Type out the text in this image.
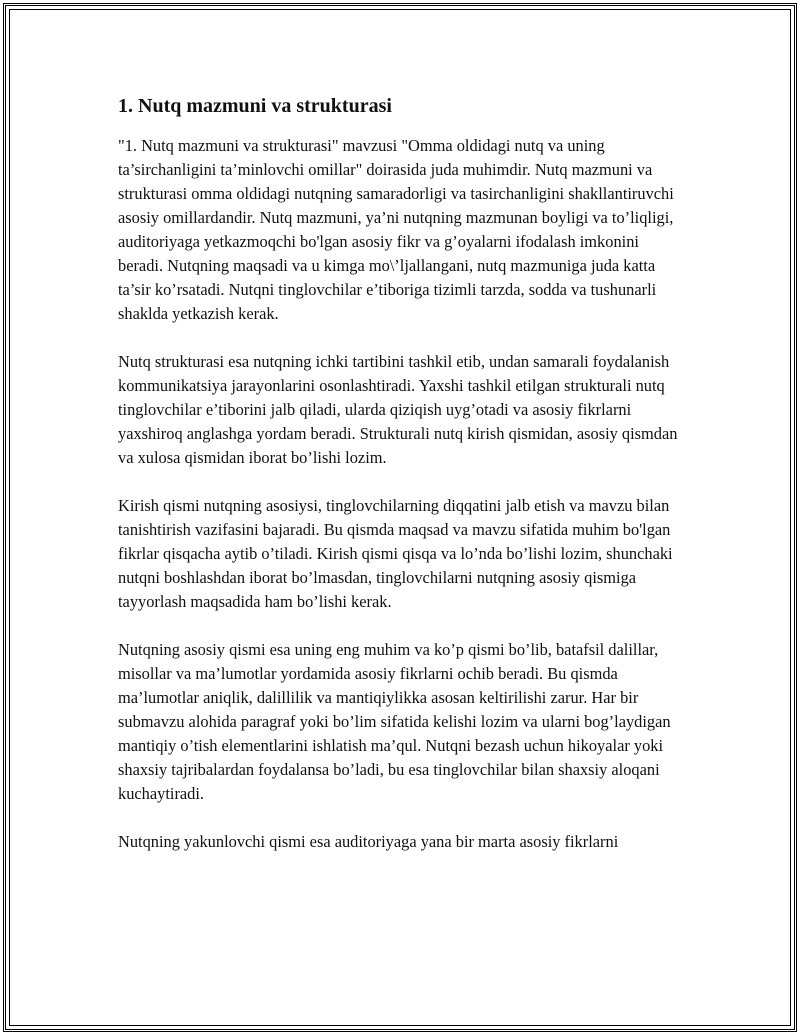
1. Nutq mazmuni va strukturasi

"1. Nutq mazmuni va strukturasi" mavzusi "Omma oldidagi nutq va uning ta’sirchanligini ta’minlovchi omillar" doirasida juda muhimdir. Nutq mazmuni va strukturasi omma oldidagi nutqning samaradorligi va tasirchanligini shakllantiruvchi asosiy omillardandir. Nutq mazmuni, ya’ni nutqning mazmunan boyligi va to’liqligi, auditoriyaga yetkazmoqchi bo'lgan asosiy fikr va g’oyalarni ifodalash imkonini beradi. Nutqning maqsadi va u kimga mo\’ljallangani, nutq mazmuniga juda katta ta’sir ko’rsatadi. Nutqni tinglovchilar e’tiboriga tizimli tarzda, sodda va tushunarli shaklda yetkazish kerak.

Nutq strukturasi esa nutqning ichki tartibini tashkil etib, undan samarali foydalanish kommunikatsiya jarayonlarini osonlashtiradi. Yaxshi tashkil etilgan strukturali nutq tinglovchilar e’tiborini jalb qiladi, ularda qiziqish uyg’otadi va asosiy fikrlarni yaxshiroq anglashga yordam beradi. Strukturali nutq kirish qismidan, asosiy qismdan va xulosa qismidan iborat bo’lishi lozim.

Kirish qismi nutqning asosiysi, tinglovchilarning diqqatini jalb etish va mavzu bilan tanishtirish vazifasini bajaradi. Bu qismda maqsad va mavzu sifatida muhim bo'lgan fikrlar qisqacha aytib o’tiladi. Kirish qismi qisqa va lo’nda bo’lishi lozim, shunchaki nutqni boshlashdan iborat bo’lmasdan, tinglovchilarni nutqning asosiy qismiga tayyorlash maqsadida ham bo’lishi kerak.

Nutqning asosiy qismi esa uning eng muhim va ko’p qismi bo’lib, batafsil dalillar, misollar va ma’lumotlar yordamida asosiy fikrlarni ochib beradi. Bu qismda ma’lumotlar aniqlik, dalillilik va mantiqiylikka asosan keltirilishi zarur. Har bir submavzu alohida paragraf yoki bo’lim sifatida kelishi lozim va ularni bog’laydigan mantiqiy o’tish elementlarini ishlatish ma’qul. Nutqni bezash uchun hikoyalar yoki shaxsiy tajribalardan foydalansa bo’ladi, bu esa tinglovchilar bilan shaxsiy aloqani kuchaytiradi.

Nutqning yakunlovchi qismi esa auditoriyaga yana bir marta asosiy fikrlarni
